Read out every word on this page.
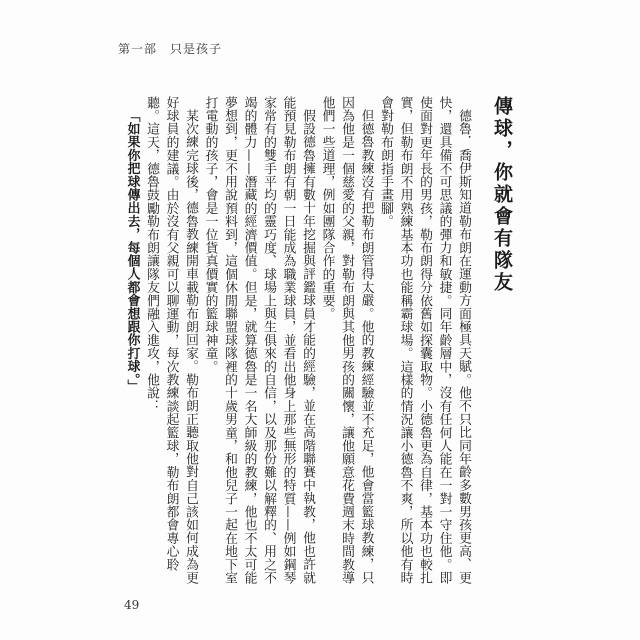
第一部　只是孩子
傳球，你就會有隊友

德魯．喬伊斯知道勒布朗在運動方面極具天賦。他不只比同年齡多數男孩更高、更快，還具備不可思議的彈力和敏捷。同年齡層中，沒有任何人能在一對一守住他。即使面對更年長的男孩，勒布朗得分依舊如探囊取物。小德魯更為自律，基本功也較扎實，但勒布朗不用熟練基本功也能稱霸球場。這樣的情況讓小德魯不爽，所以他有時會對勒布朗指手畫腳。

但德魯教練沒有把勒布朗管得太嚴。他的教練經驗並不充足，他會當籃球教練，只因為他是一個慈愛的父親，對勒布朗與其他男孩的關懷，讓他願意花費週末時間教導他們一些道理，例如團隊合作的重要。

假設德魯擁有數十年挖掘與評鑑球員才能的經驗，並在高階聯賽中執教，他也許就能預見勒布朗有朝一日能成為職業球員，並看出他身上那些無形的特質——例如鋼琴家常有的雙手平均的靈巧度、球場上與生俱來的自信，以及那份難以解釋的、用之不竭的體力——潛藏的經濟價值。但是，就算德魯是一名大師級的教練，他也不太可能夢想到，更不用說預料到，這個休閒聯盟球隊裡的十歲男童，和他兒子一起在地下室打電動的孩子，會是一位貨真價實的籃球神童。

某次練完球後，德魯教練開車載勒布朗回家。勒布朗正聽取他對自己該如何成為更好球員的建議。由於沒有父親可以聊運動，每次教練談起籃球，勒布朗都會專心聆聽。這天，德魯鼓勵勒布朗讓隊友們融入進攻，他說：

「如果你把球傳出去，每個人都會想跟你打球。」

49
